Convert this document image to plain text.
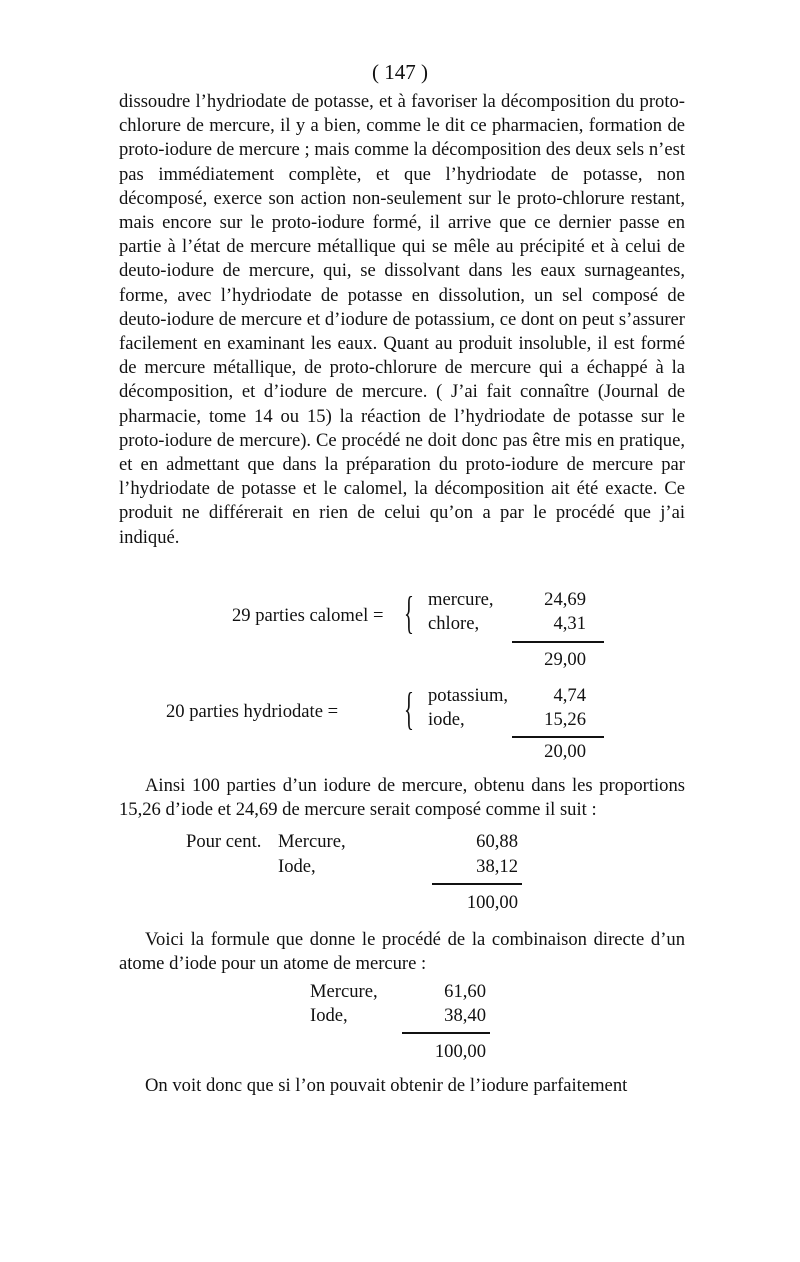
( 147 )

dissoudre l’hydriodate de potasse, et à favoriser la décomposition du proto-chlorure de mercure, il y a bien, comme le dit ce pharmacien, formation de proto-iodure de mercure ; mais comme la décomposition des deux sels n’est pas immédiatement complète, et que l’hydriodate de potasse, non décomposé, exerce son action non-seulement sur le proto-chlorure restant, mais encore sur le proto-iodure formé, il arrive que ce dernier passe en partie à l’état de mercure métallique qui se mêle au précipité et à celui de deuto-iodure de mercure, qui, se dissolvant dans les eaux surnageantes, forme, avec l’hydriodate de potasse en dissolution, un sel composé de deuto-iodure de mercure et d’iodure de potassium, ce dont on peut s’assurer facilement en examinant les eaux. Quant au produit insoluble, il est formé de mercure métallique, de proto-chlorure de mercure qui a échappé à la décomposition, et d’iodure de mercure. ( J’ai fait connaître (Journal de pharmacie, tome 14 ou 15) la réaction de l’hydriodate de potasse sur le proto-iodure de mercure). Ce procédé ne doit donc pas être mis en pratique, et en admettant que dans la préparation du proto-iodure de mercure par l’hydriodate de potasse et le calomel, la décomposition ait été exacte. Ce produit ne différerait en rien de celui qu’on a par le procédé que j’ai indiqué.

29 parties calomel = { mercure,	24,69
chlore,	4,31
29,00
20 parties hydriodate = { potassium,	4,74
iode,	15,26
20,00
Ainsi 100 parties d’un iodure de mercure, obtenu dans les proportions 15,26 d’iode et 24,69 de mercure serait composé comme il suit :
Pour cent. Mercure,	60,88
Iode,	38,12
100,00
Voici la formule que donne le procédé de la combinaison directe d’un atome d’iode pour un atome de mercure :
Mercure,	61,60
Iode,	38,40
100,00
On voit donc que si l’on pouvait obtenir de l’iodure parfaitement
